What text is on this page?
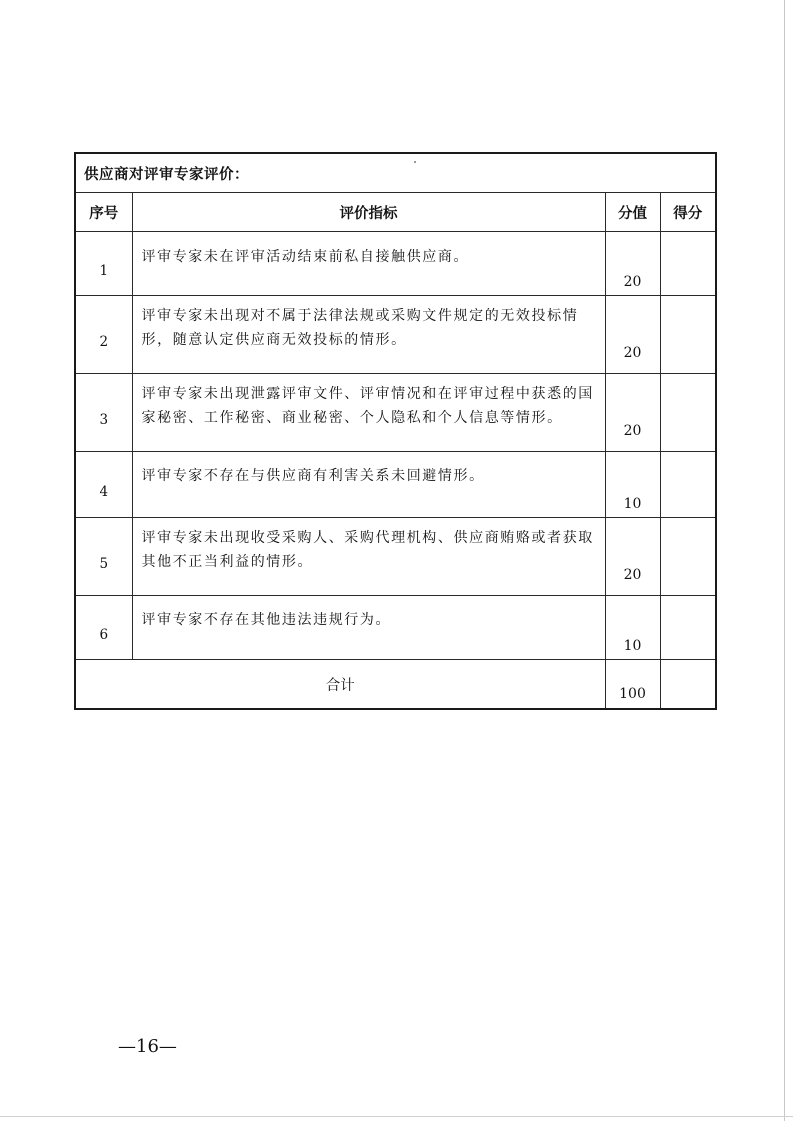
供应商对评审专家评价：			
序号	评价指标	分值	得分
1	评审专家未在评审活动结束前私自接触供应商。	20	
2	评审专家未出现对不属于法律法规或采购文件规定的无效投标情形，随意认定供应商无效投标的情形。	20	
3	评审专家未出现泄露评审文件、评审情况和在评审过程中获悉的国家秘密、工作秘密、商业秘密、个人隐私和个人信息等情形。	20	
4	评审专家不存在与供应商有利害关系未回避情形。	10	
5	评审专家未出现收受采购人、采购代理机构、供应商贿赂或者获取其他不正当利益的情形。	20	
6	评审专家不存在其他违法违规行为。	10	
合计		100	
—16—
